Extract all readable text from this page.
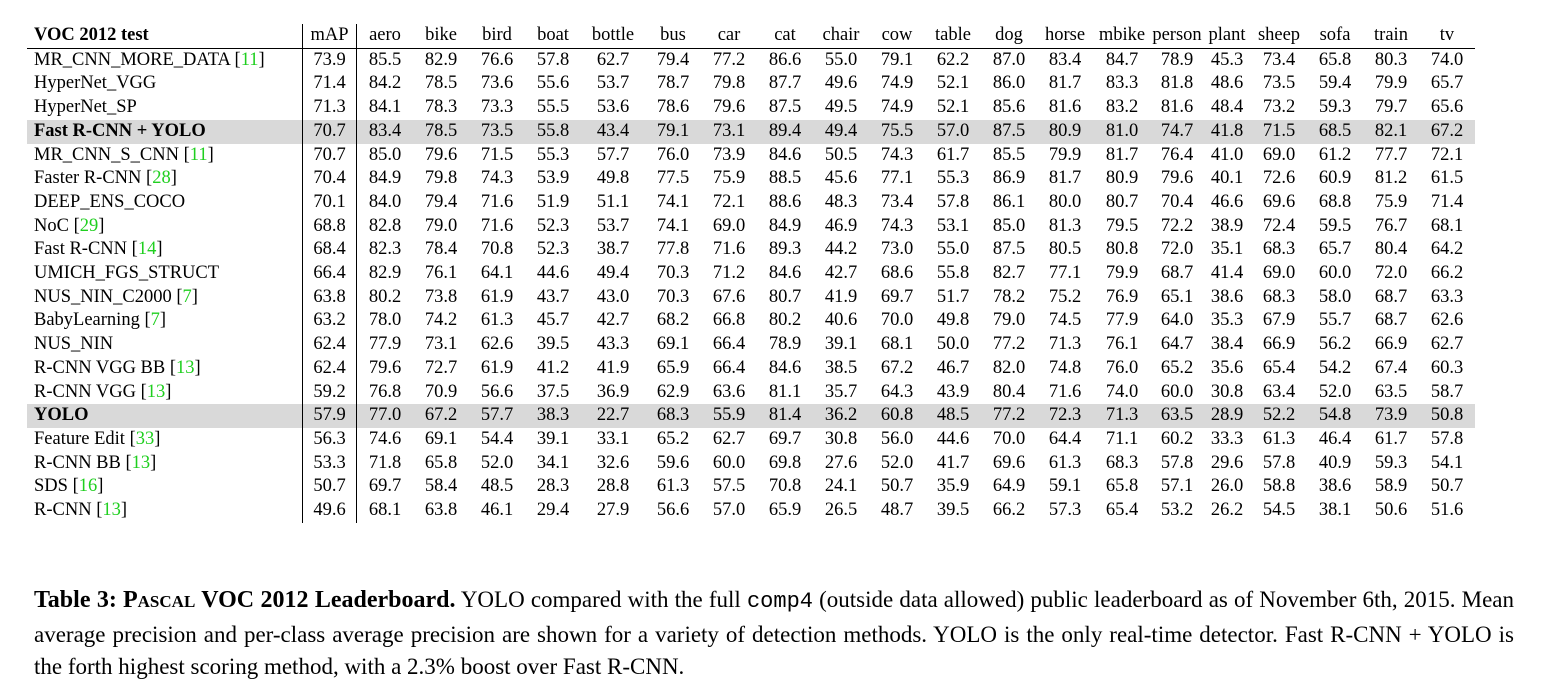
VOC 2012 test	mAP	aero	bike	bird	boat	bottle	bus	car	cat	chair	cow	table	dog	horse	mbike	person	plant	sheep	sofa	train	tv
MR_CNN_MORE_DATA [11]	73.9	85.5	82.9	76.6	57.8	62.7	79.4	77.2	86.6	55.0	79.1	62.2	87.0	83.4	84.7	78.9	45.3	73.4	65.8	80.3	74.0
HyperNet_VGG	71.4	84.2	78.5	73.6	55.6	53.7	78.7	79.8	87.7	49.6	74.9	52.1	86.0	81.7	83.3	81.8	48.6	73.5	59.4	79.9	65.7
HyperNet_SP	71.3	84.1	78.3	73.3	55.5	53.6	78.6	79.6	87.5	49.5	74.9	52.1	85.6	81.6	83.2	81.6	48.4	73.2	59.3	79.7	65.6
Fast R-CNN + YOLO	70.7	83.4	78.5	73.5	55.8	43.4	79.1	73.1	89.4	49.4	75.5	57.0	87.5	80.9	81.0	74.7	41.8	71.5	68.5	82.1	67.2
MR_CNN_S_CNN [11]	70.7	85.0	79.6	71.5	55.3	57.7	76.0	73.9	84.6	50.5	74.3	61.7	85.5	79.9	81.7	76.4	41.0	69.0	61.2	77.7	72.1
Faster R-CNN [28]	70.4	84.9	79.8	74.3	53.9	49.8	77.5	75.9	88.5	45.6	77.1	55.3	86.9	81.7	80.9	79.6	40.1	72.6	60.9	81.2	61.5
DEEP_ENS_COCO	70.1	84.0	79.4	71.6	51.9	51.1	74.1	72.1	88.6	48.3	73.4	57.8	86.1	80.0	80.7	70.4	46.6	69.6	68.8	75.9	71.4
NoC [29]	68.8	82.8	79.0	71.6	52.3	53.7	74.1	69.0	84.9	46.9	74.3	53.1	85.0	81.3	79.5	72.2	38.9	72.4	59.5	76.7	68.1
Fast R-CNN [14]	68.4	82.3	78.4	70.8	52.3	38.7	77.8	71.6	89.3	44.2	73.0	55.0	87.5	80.5	80.8	72.0	35.1	68.3	65.7	80.4	64.2
UMICH_FGS_STRUCT	66.4	82.9	76.1	64.1	44.6	49.4	70.3	71.2	84.6	42.7	68.6	55.8	82.7	77.1	79.9	68.7	41.4	69.0	60.0	72.0	66.2
NUS_NIN_C2000 [7]	63.8	80.2	73.8	61.9	43.7	43.0	70.3	67.6	80.7	41.9	69.7	51.7	78.2	75.2	76.9	65.1	38.6	68.3	58.0	68.7	63.3
BabyLearning [7]	63.2	78.0	74.2	61.3	45.7	42.7	68.2	66.8	80.2	40.6	70.0	49.8	79.0	74.5	77.9	64.0	35.3	67.9	55.7	68.7	62.6
NUS_NIN	62.4	77.9	73.1	62.6	39.5	43.3	69.1	66.4	78.9	39.1	68.1	50.0	77.2	71.3	76.1	64.7	38.4	66.9	56.2	66.9	62.7
R-CNN VGG BB [13]	62.4	79.6	72.7	61.9	41.2	41.9	65.9	66.4	84.6	38.5	67.2	46.7	82.0	74.8	76.0	65.2	35.6	65.4	54.2	67.4	60.3
R-CNN VGG [13]	59.2	76.8	70.9	56.6	37.5	36.9	62.9	63.6	81.1	35.7	64.3	43.9	80.4	71.6	74.0	60.0	30.8	63.4	52.0	63.5	58.7
YOLO	57.9	77.0	67.2	57.7	38.3	22.7	68.3	55.9	81.4	36.2	60.8	48.5	77.2	72.3	71.3	63.5	28.9	52.2	54.8	73.9	50.8
Feature Edit [33]	56.3	74.6	69.1	54.4	39.1	33.1	65.2	62.7	69.7	30.8	56.0	44.6	70.0	64.4	71.1	60.2	33.3	61.3	46.4	61.7	57.8
R-CNN BB [13]	53.3	71.8	65.8	52.0	34.1	32.6	59.6	60.0	69.8	27.6	52.0	41.7	69.6	61.3	68.3	57.8	29.6	57.8	40.9	59.3	54.1
SDS [16]	50.7	69.7	58.4	48.5	28.3	28.8	61.3	57.5	70.8	24.1	50.7	35.9	64.9	59.1	65.8	57.1	26.0	58.8	38.6	58.9	50.7
R-CNN [13]	49.6	68.1	63.8	46.1	29.4	27.9	56.6	57.0	65.9	26.5	48.7	39.5	66.2	57.3	65.4	53.2	26.2	54.5	38.1	50.6	51.6
Table 3: Pascal VOC 2012 Leaderboard. YOLO compared with the full comp4 (outside data allowed) public leaderboard as of November 6th, 2015. Mean average precision and per-class average precision are shown for a variety of detection methods. YOLO is the only real-time detector. Fast R-CNN + YOLO is the forth highest scoring method, with a 2.3% boost over Fast R-CNN.
